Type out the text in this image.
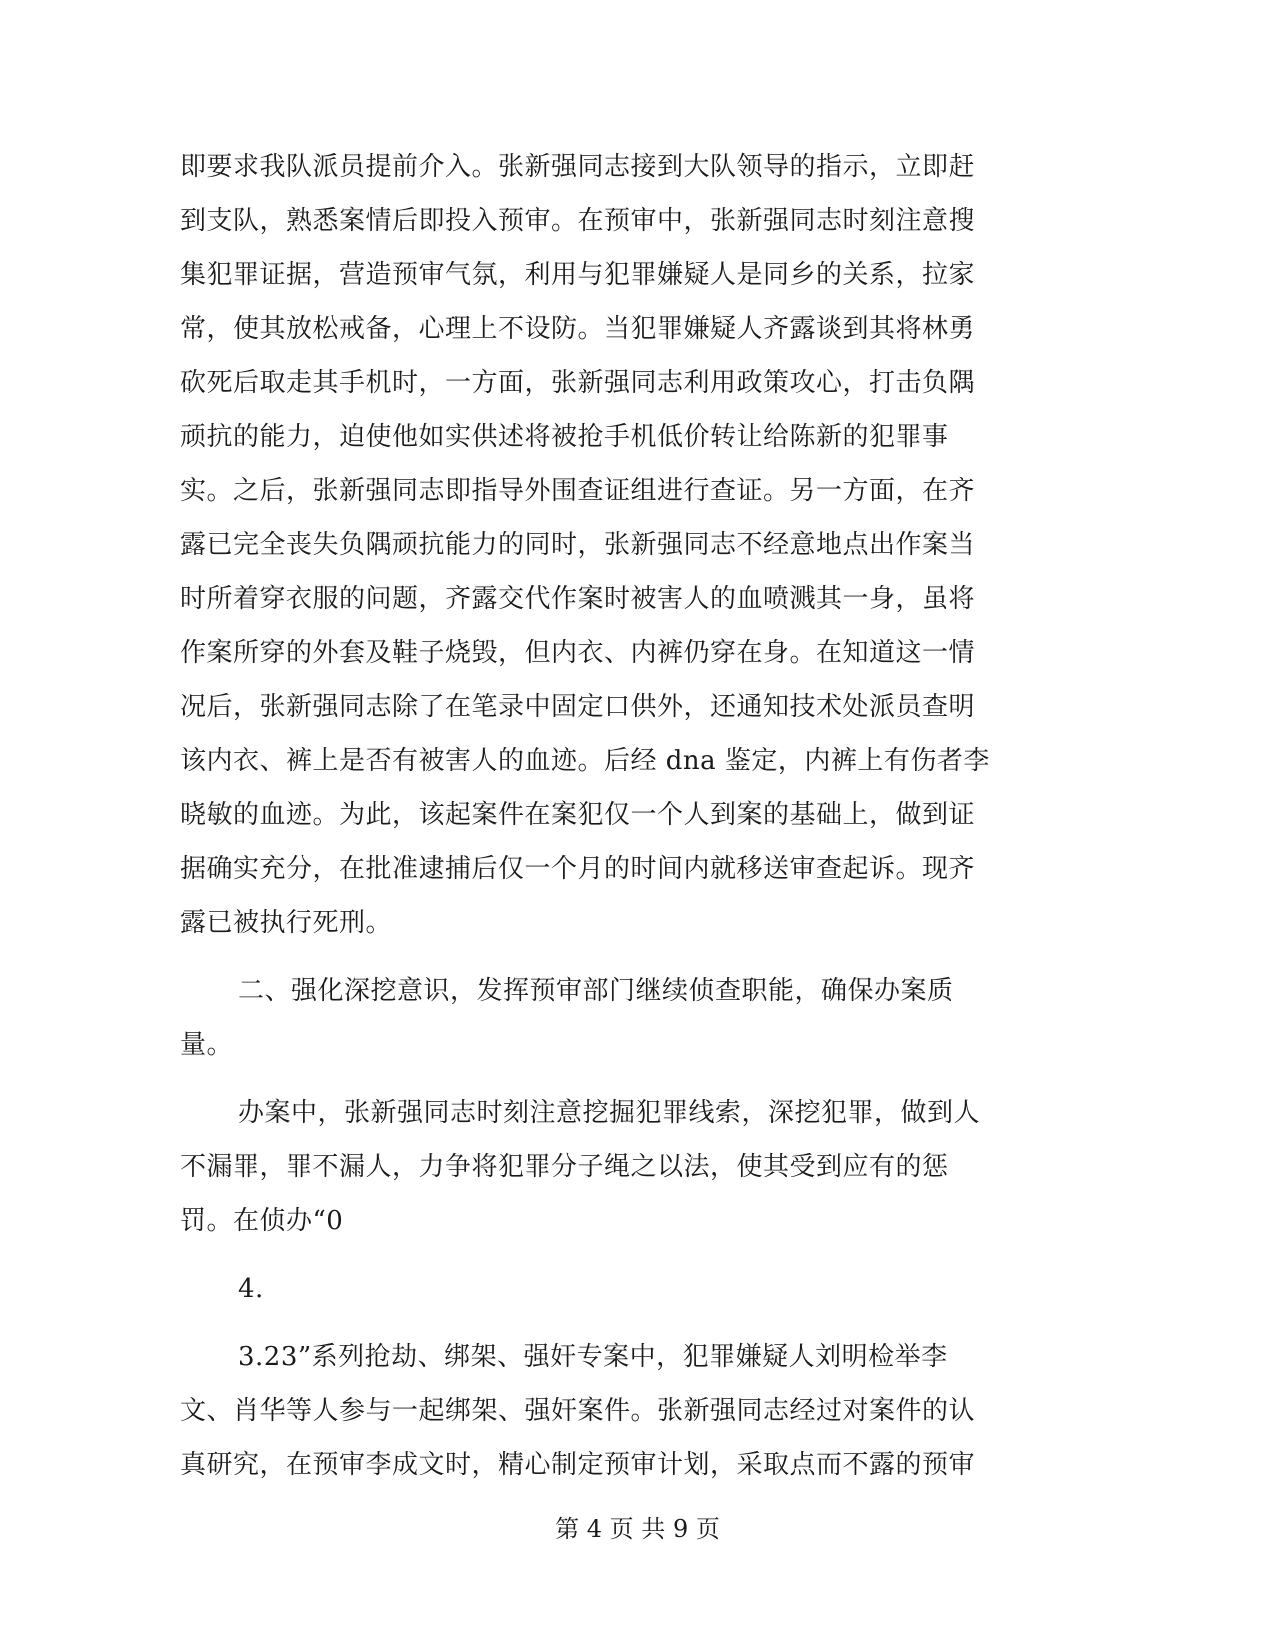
即要求我队派员提前介入。张新强同志接到大队领导的指示，立即赶
到支队，熟悉案情后即投入预审。在预审中，张新强同志时刻注意搜
集犯罪证据，营造预审气氛，利用与犯罪嫌疑人是同乡的关系，拉家
常，使其放松戒备，心理上不设防。当犯罪嫌疑人齐露谈到其将林勇
砍死后取走其手机时，一方面，张新强同志利用政策攻心，打击负隅
顽抗的能力，迫使他如实供述将被抢手机低价转让给陈新的犯罪事
实。之后，张新强同志即指导外围查证组进行查证。另一方面，在齐
露已完全丧失负隅顽抗能力的同时，张新强同志不经意地点出作案当
时所着穿衣服的问题，齐露交代作案时被害人的血喷溅其一身，虽将
作案所穿的外套及鞋子烧毁，但内衣、内裤仍穿在身。在知道这一情
况后，张新强同志除了在笔录中固定口供外，还通知技术处派员查明
该内衣、裤上是否有被害人的血迹。后经 dna 鉴定，内裤上有伤者李
晓敏的血迹。为此，该起案件在案犯仅一个人到案的基础上，做到证
据确实充分，在批准逮捕后仅一个月的时间内就移送审查起诉。现齐
露已被执行死刑。
二、强化深挖意识，发挥预审部门继续侦查职能，确保办案质
量。
办案中，张新强同志时刻注意挖掘犯罪线索，深挖犯罪，做到人
不漏罪，罪不漏人，力争将犯罪分子绳之以法，使其受到应有的惩
罚。在侦办“0
4.
3.23”系列抢劫、绑架、强奸专案中，犯罪嫌疑人刘明检举李
文、肖华等人参与一起绑架、强奸案件。张新强同志经过对案件的认
真研究，在预审李成文时，精心制定预审计划，采取点而不露的预审
第 4 页 共 9 页
